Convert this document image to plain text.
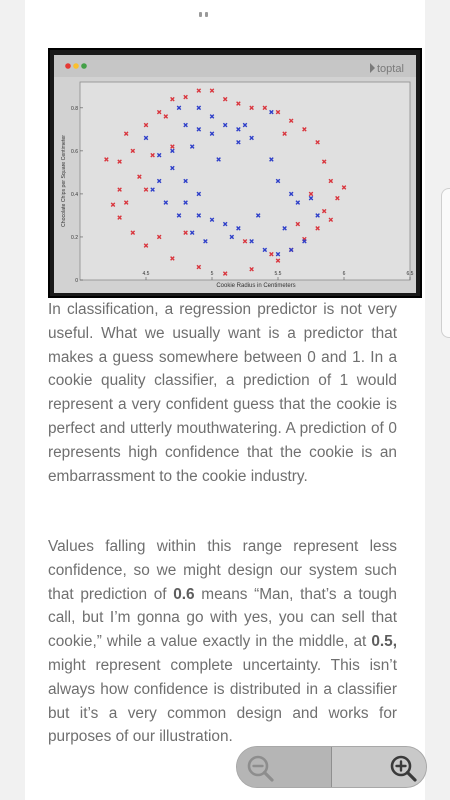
toptal
0
0.2
0.4
0.6
0.8
4.5	5	5.5	6	6.5
Cookie Radius in Centimeters
Chocolate Chips per Square Centimeter
In classification, a regression predictor is not very useful. What we usually want is a predictor that makes a guess somewhere between 0 and 1. In a cookie quality classifier, a prediction of 1 would represent a very confident guess that the cookie is perfect and utterly mouthwatering. A prediction of 0 represents high confidence that the cookie is an embarrassment to the cookie industry.
Values falling within this range represent less confidence, so we might design our system such that prediction of 0.6 means “Man, that’s a tough call, but I’m gonna go with yes, you can sell that cookie,” while a value exactly in the middle, at 0.5, might represent complete uncertainty. This isn’t always how confidence is distributed in a classifier but it’s a very common design and works for purposes of our illustration.
